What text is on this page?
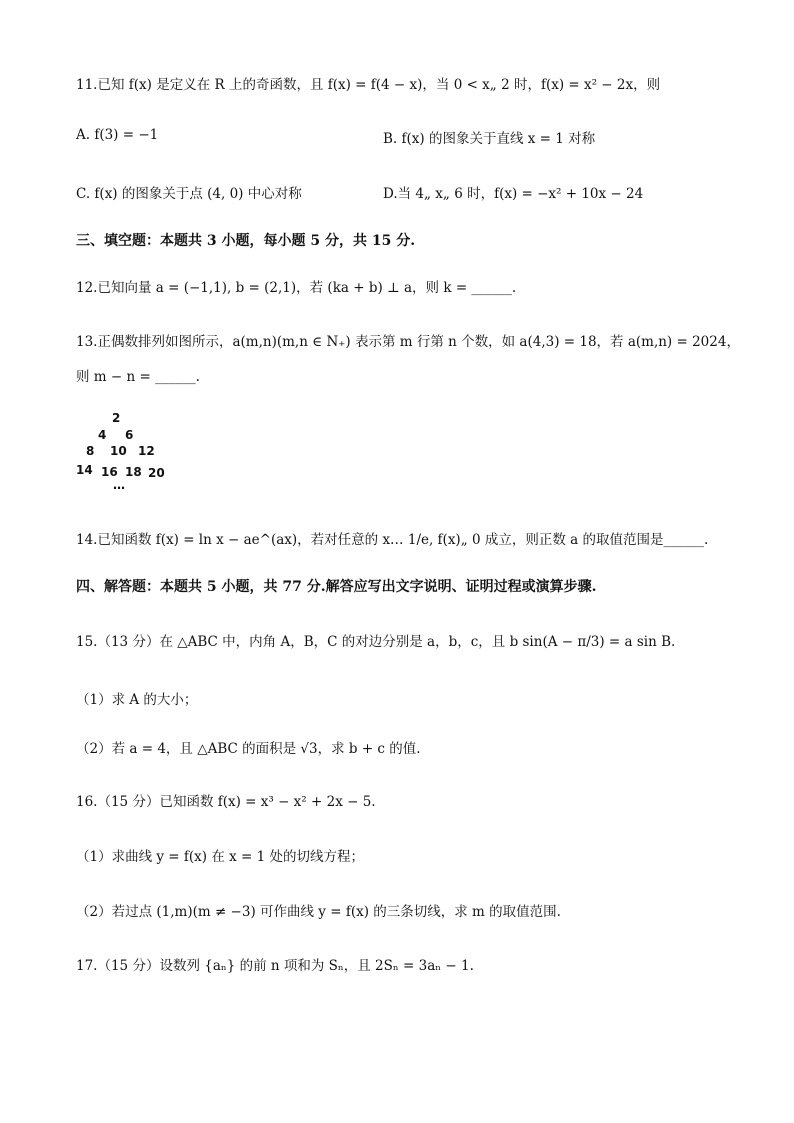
11.已知 f(x) 是定义在 R 上的奇函数，且 f(x) = f(4 − x)，当 0 < x„ 2 时，f(x) = x² − 2x，则
A. f(3) = −1	B. f(x) 的图象关于直线 x = 1 对称
C. f(x) 的图象关于点 (4, 0) 中心对称	D.当 4„ x„ 6 时，f(x) = −x² + 10x − 24
三、填空题：本题共 3 小题，每小题 5 分，共 15 分.
12.已知向量 a = (−1,1), b = (2,1)，若 (ka + b) ⊥ a，则 k = ______.
13.正偶数排列如图所示，a(m,n)(m,n ∈ N₊) 表示第 m 行第 n 个数，如 a(4,3) = 18，若 a(m,n) = 2024，
则 m − n = ______.
2
4 6
8 10 12
14 16 18 20
…
14.已知函数 f(x) = ln x − ae^(ax)，若对任意的 x… 1/e, f(x)„ 0 成立，则正数 a 的取值范围是______.
四、解答题：本题共 5 小题，共 77 分.解答应写出文字说明、证明过程或演算步骤.
15.（13 分）在 △ABC 中，内角 A，B，C 的对边分别是 a，b，c，且 b sin(A − π/3) = a sin B.
（1）求 A 的大小；
（2）若 a = 4，且 △ABC 的面积是 √3，求 b + c 的值.
16.（15 分）已知函数 f(x) = x³ − x² + 2x − 5.
（1）求曲线 y = f(x) 在 x = 1 处的切线方程；
（2）若过点 (1,m)(m ≠ −3) 可作曲线 y = f(x) 的三条切线，求 m 的取值范围.
17.（15 分）设数列 {aₙ} 的前 n 项和为 Sₙ，且 2Sₙ = 3aₙ − 1.
